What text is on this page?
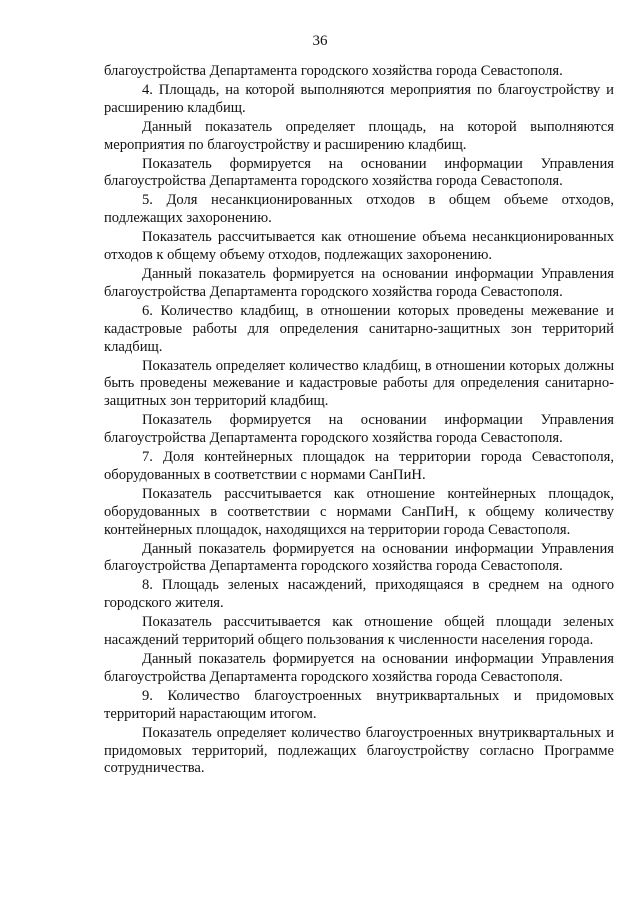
36

благоустройства Департамента городского хозяйства города Севастополя.

4. Площадь, на которой выполняются мероприятия по благоустройству и расширению кладбищ.

Данный показатель определяет площадь, на которой выполняются мероприятия по благоустройству и расширению кладбищ.

Показатель формируется на основании информации Управления благоустройства Департамента городского хозяйства города Севастополя.

5. Доля несанкционированных отходов в общем объеме отходов, подлежащих захоронению.

Показатель рассчитывается как отношение объема несанкционированных отходов к общему объему отходов, подлежащих захоронению.

Данный показатель формируется на основании информации Управления благоустройства Департамента городского хозяйства города Севастополя.

6. Количество кладбищ, в отношении которых проведены межевание и кадастровые работы для определения санитарно-защитных зон территорий кладбищ.

Показатель определяет количество кладбищ, в отношении которых должны быть проведены межевание и кадастровые работы для определения санитарно-защитных зон территорий кладбищ.

Показатель формируется на основании информации Управления благоустройства Департамента городского хозяйства города Севастополя.

7. Доля контейнерных площадок на территории города Севастополя, оборудованных в соответствии с нормами СанПиН.

Показатель рассчитывается как отношение контейнерных площадок, оборудованных в соответствии с нормами СанПиН, к общему количеству контейнерных площадок, находящихся на территории города Севастополя.

Данный показатель формируется на основании информации Управления благоустройства Департамента городского хозяйства города Севастополя.

8. Площадь зеленых насаждений, приходящаяся в среднем на одного городского жителя.

Показатель рассчитывается как отношение общей площади зеленых насаждений территорий общего пользования к численности населения города.

Данный показатель формируется на основании информации Управления благоустройства Департамента городского хозяйства города Севастополя.

9. Количество благоустроенных внутриквартальных и придомовых территорий нарастающим итогом.

Показатель определяет количество благоустроенных внутриквартальных и придомовых территорий, подлежащих благоустройству согласно Программе сотрудничества.
